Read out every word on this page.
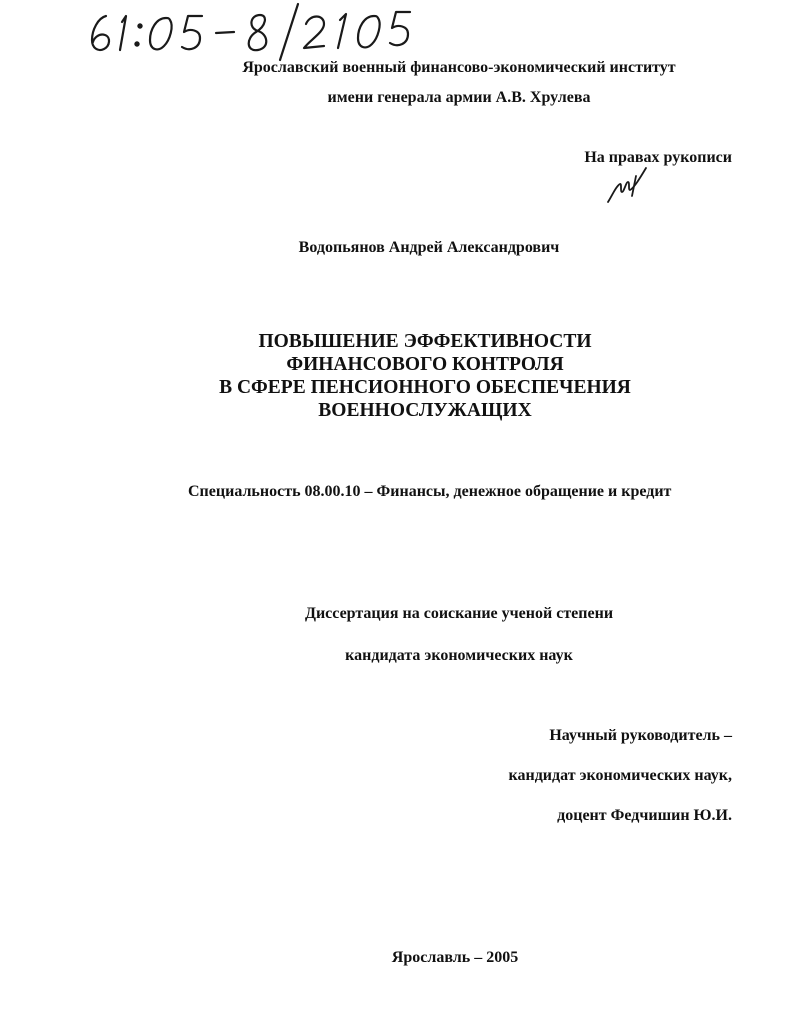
Ярославский военный финансово-экономический институт
имени генерала армии А.В. Хрулева
На правах рукописи
Водопьянов Андрей Александрович
ПОВЫШЕНИЕ ЭФФЕКТИВНОСТИ
ФИНАНСОВОГО КОНТРОЛЯ
В СФЕРЕ ПЕНСИОННОГО ОБЕСПЕЧЕНИЯ
ВОЕННОСЛУЖАЩИХ
Специальность 08.00.10 – Финансы, денежное обращение и кредит
Диссертация на соискание ученой степени
кандидата экономических наук
Научный руководитель –
кандидат экономических наук,
доцент Федчишин Ю.И.
Ярославль – 2005
